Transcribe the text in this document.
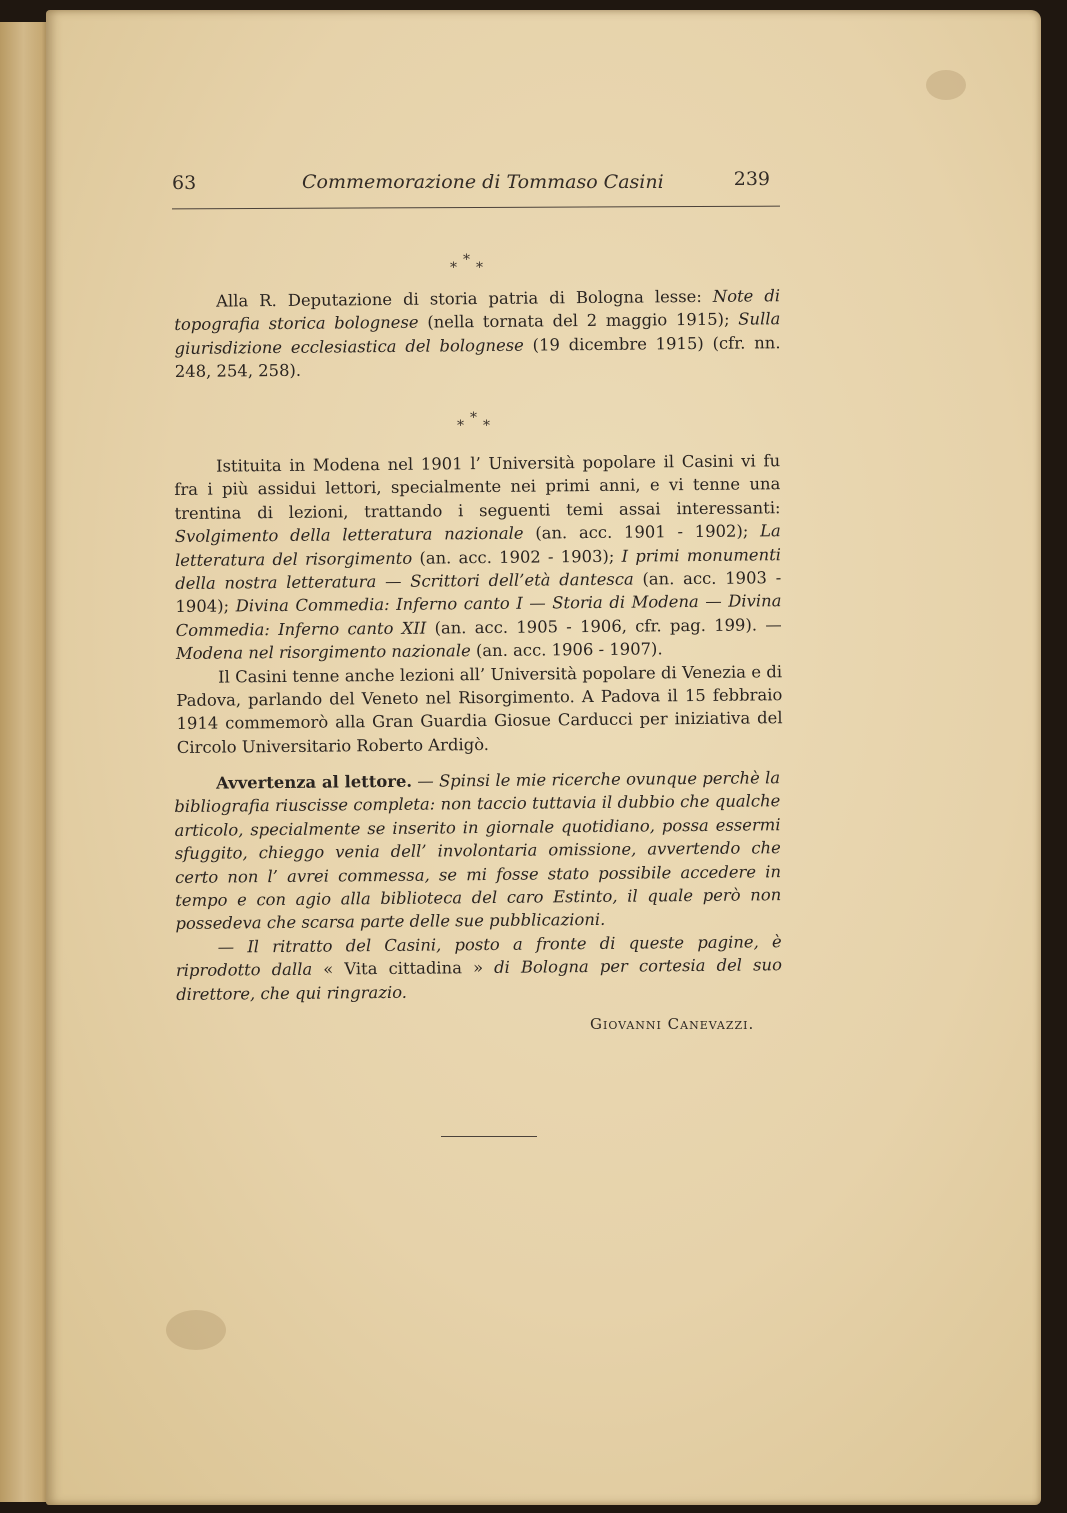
63	Commemorazione di Tommaso Casini	239
* * *

Alla R. Deputazione di storia patria di Bologna lesse: Note di topografia storica bolognese (nella tornata del 2 maggio 1915); Sulla giurisdizione ecclesiastica del bolognese (19 dicembre 1915) (cfr. nn. 248, 254, 258).

* * *

Istituita in Modena nel 1901 l’ Università popolare il Casini vi fu fra i più assidui lettori, specialmente nei primi anni, e vi tenne una trentina di lezioni, trattando i seguenti temi assai interessanti: Svolgimento della letteratura nazionale (an. acc. 1901 - 1902); La letteratura del risorgimento (an. acc. 1902 - 1903); I primi monumenti della nostra letteratura — Scrittori dell’età dantesca (an. acc. 1903 - 1904); Divina Commedia: Inferno canto I — Storia di Modena — Divina Commedia: Inferno canto XII (an. acc. 1905 - 1906, cfr. pag. 199). — Modena nel risorgimento nazionale (an. acc. 1906 - 1907).

Il Casini tenne anche lezioni all’ Università popolare di Venezia e di Padova, parlando del Veneto nel Risorgimento. A Padova il 15 febbraio 1914 commemorò alla Gran Guardia Giosue Carducci per iniziativa del Circolo Universitario Roberto Ardigò.

Avvertenza al lettore. — Spinsi le mie ricerche ovunque perchè la bibliografia riuscisse completa: non taccio tuttavia il dubbio che qualche articolo, specialmente se inserito in giornale quotidiano, possa essermi sfuggito, chieggo venia dell’ involontaria omissione, avvertendo che certo non l’ avrei commessa, se mi fosse stato possibile accedere in tempo e con agio alla biblioteca del caro Estinto, il quale però non possedeva che scarsa parte delle sue pubblicazioni.

— Il ritratto del Casini, posto a fronte di queste pagine, è riprodotto dalla « Vita cittadina » di Bologna per cortesia del suo direttore, che qui ringrazio.

Giovanni Canevazzi.
